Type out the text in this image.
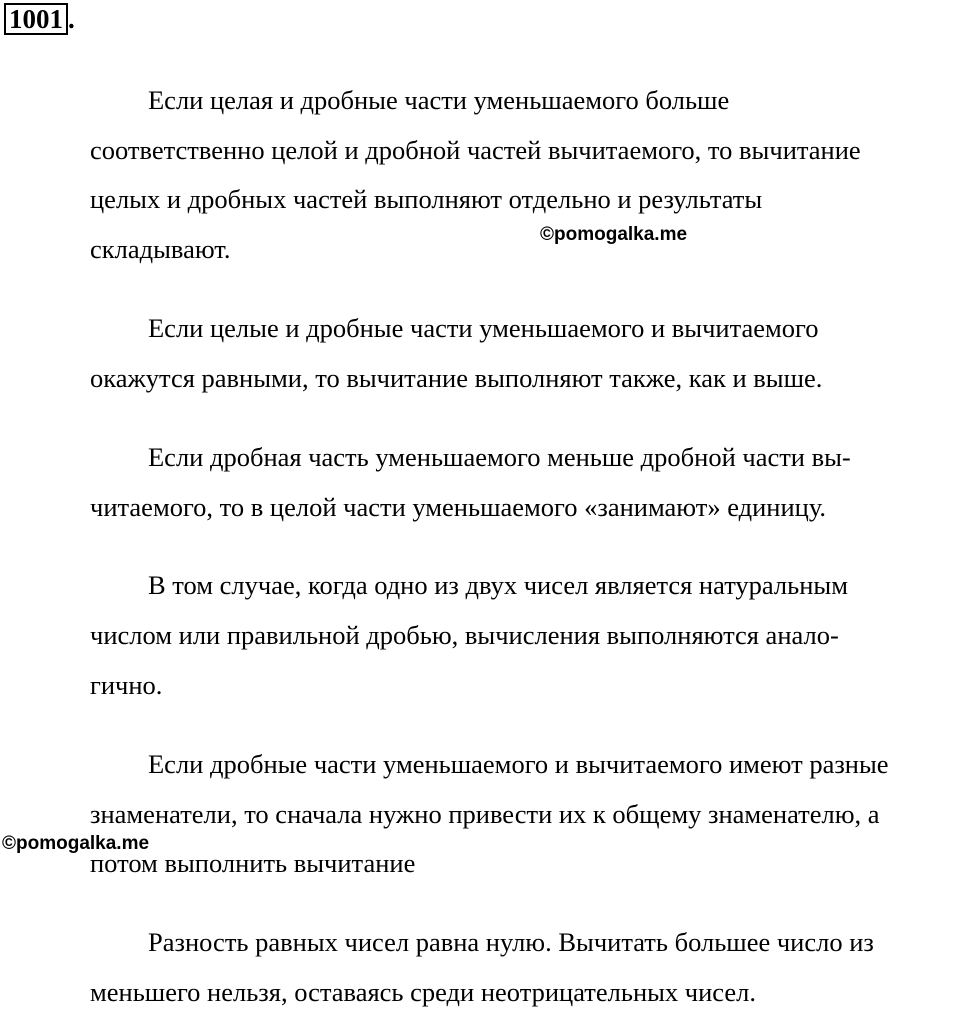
1001 .
Если целая и дробные части уменьшаемого больше
соответственно целой и дробной частей вычитаемого, то вычитание
целых и дробных частей выполняют отдельно и результаты
складывают.
Если целые и дробные части уменьшаемого и вычитаемого
окажутся равными, то вычитание выполняют также, как и выше.
Если дробная часть уменьшаемого меньше дробной части вы-
читаемого, то в целой части уменьшаемого «занимают» единицу.
В том случае, когда одно из двух чисел является натуральным
числом или правильной дробью, вычисления выполняются анало-
гично.
Если дробные части уменьшаемого и вычитаемого имеют разные
знаменатели, то сначала нужно привести их к общему знаменателю, а
потом выполнить вычитание
Разность равных чисел равна нулю. Вычитать большее число из
меньшего нельзя, оставаясь среди неотрицательных чисел.
©pomogalka.me
©pomogalka.me
